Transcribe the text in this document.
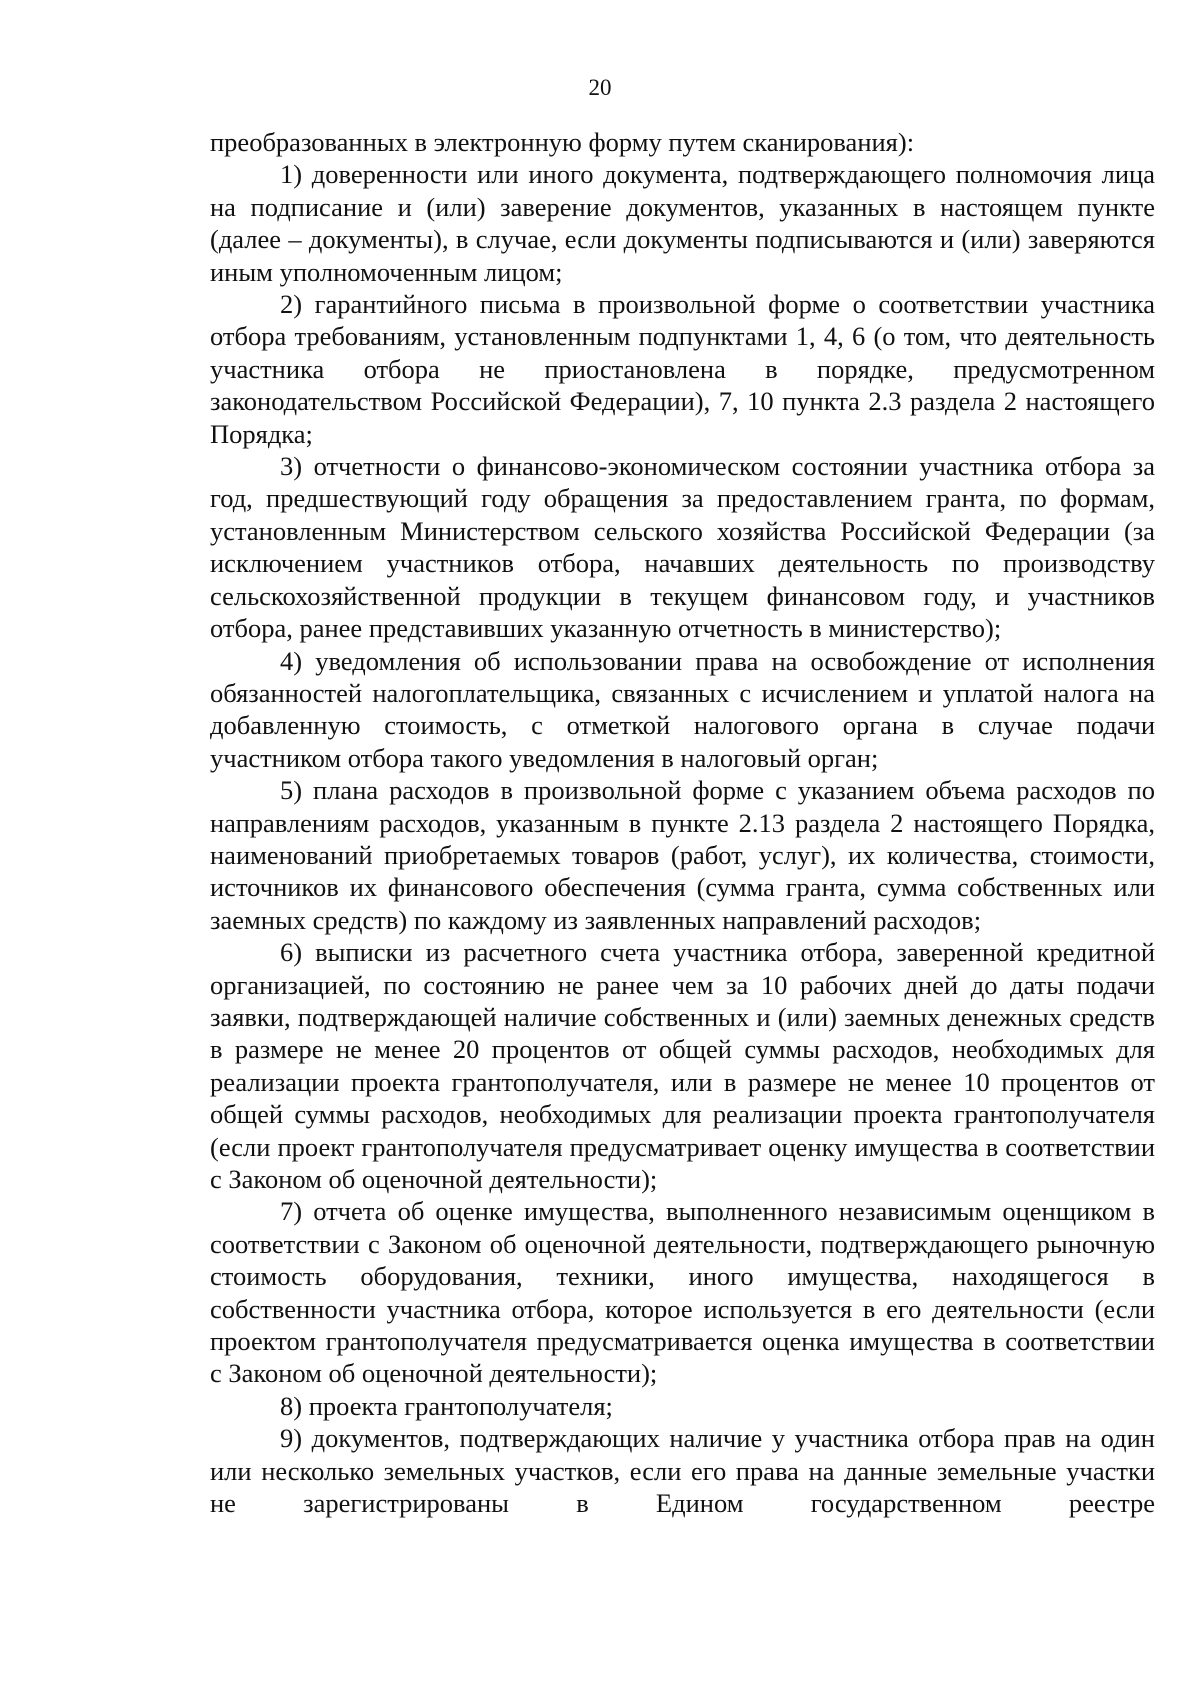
20

преобразованных в электронную форму путем сканирования):

1) доверенности или иного документа, подтверждающего полномочия лица на подписание и (или) заверение документов, указанных в настоящем пункте (далее – документы), в случае, если документы подписываются и (или) заверяются иным уполномоченным лицом;

2) гарантийного письма в произвольной форме о соответствии участника отбора требованиям, установленным подпунктами 1, 4, 6 (о том, что деятельность участника отбора не приостановлена в порядке, предусмотренном законодательством Российской Федерации), 7, 10 пункта 2.3 раздела 2 настоящего Порядка;

3) отчетности о финансово-экономическом состоянии участника отбора за год, предшествующий году обращения за предоставлением гранта, по формам, установленным Министерством сельского хозяйства Российской Федерации (за исключением участников отбора, начавших деятельность по производству сельскохозяйственной продукции в текущем финансовом году, и участников отбора, ранее представивших указанную отчетность в министерство);

4) уведомления об использовании права на освобождение от исполнения обязанностей налогоплательщика, связанных с исчислением и уплатой налога на добавленную стоимость, с отметкой налогового органа в случае подачи участником отбора такого уведомления в налоговый орган;

5) плана расходов в произвольной форме с указанием объема расходов по направлениям расходов, указанным в пункте 2.13 раздела 2 настоящего Порядка, наименований приобретаемых товаров (работ, услуг), их количества, стоимости, источников их финансового обеспечения (сумма гранта, сумма собственных или заемных средств) по каждому из заявленных направлений расходов;

6) выписки из расчетного счета участника отбора, заверенной кредитной организацией, по состоянию не ранее чем за 10 рабочих дней до даты подачи заявки, подтверждающей наличие собственных и (или) заемных денежных средств в размере не менее 20 процентов от общей суммы расходов, необходимых для реализации проекта грантополучателя, или в размере не менее 10 процентов от общей суммы расходов, необходимых для реализации проекта грантополучателя (если проект грантополучателя предусматривает оценку имущества в соответствии с Законом об оценочной деятельности);

7) отчета об оценке имущества, выполненного независимым оценщиком в соответствии с Законом об оценочной деятельности, подтверждающего рыночную стоимость оборудования, техники, иного имущества, находящегося в собственности участника отбора, которое используется в его деятельности (если проектом грантополучателя предусматривается оценка имущества в соответствии с Законом об оценочной деятельности);

8) проекта грантополучателя;

9) документов, подтверждающих наличие у участника отбора прав на один или несколько земельных участков, если его права на данные земельные участки не зарегистрированы в Едином государственном реестре
